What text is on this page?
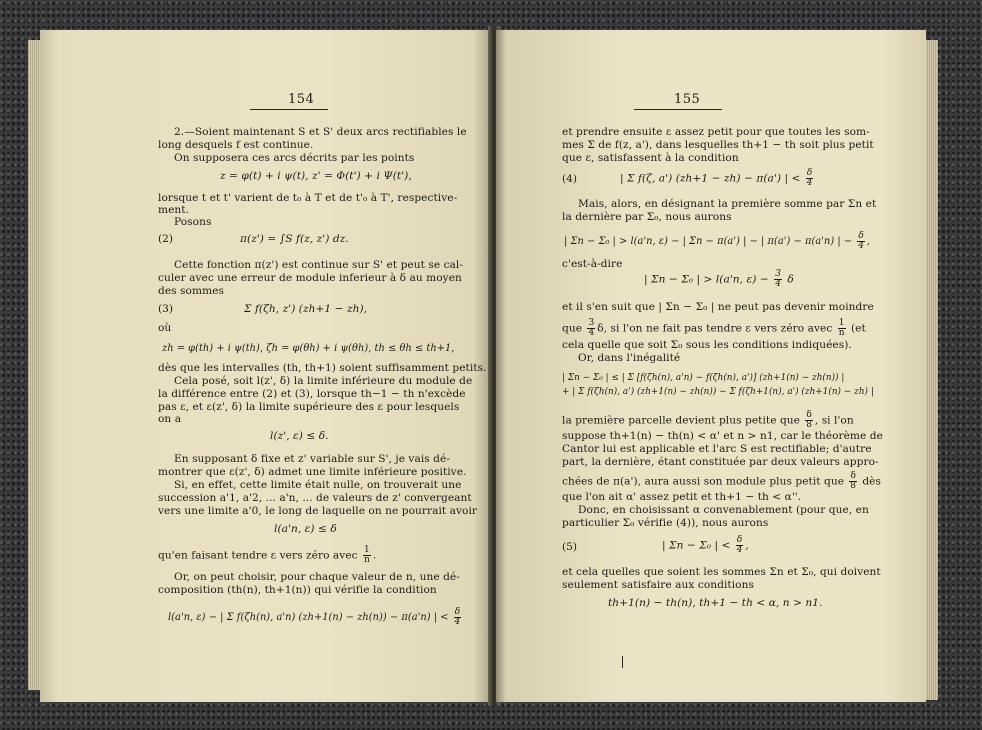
154
2.—Soient maintenant S et S' deux arcs rectifiables le
long desquels f est continue.
On supposera ces arcs décrits par les points
z = φ(t) + i ψ(t), z' = Φ(t') + i Ψ(t'),
lorsque t et t' varient de t₀ à T et de t'₀ à T', respective-
ment.
Posons
(2)	π(z') = ∫S f(z, z') dz.
Cette fonction π(z') est continue sur S' et peut se cal-
culer avec une erreur de module inferieur à δ au moyen
des sommes
(3)	Σ f(ζh, z') (zh+1 − zh),
où
zh = φ(th) + i ψ(th), ζh = φ(θh) + i ψ(θh), th ≤ θh ≤ th+1,
dès que les intervalles (th, th+1) soient suffisamment petits.
Cela posé, soit l(z', δ) la limite inférieure du module de
la différence entre (2) et (3), lorsque th−1 − th n'excède
pas ε, et ε(z', δ) la limite supérieure des ε pour lesquels
on a
l(z', ε) ≤ δ.
En supposant δ fixe et z' variable sur S', je vais dé-
montrer que ε(z', δ) admet une limite inférieure positive.
Si, en effet, cette limite était nulle, on trouverait une
succession a'1, a'2, ... a'n, ... de valeurs de z' convergeant
vers une limite a'0, le long de laquelle on ne pourrait avoir
l(a'n, ε) ≤ δ
qu'en faisant tendre ε vers zéro avec $\frac{1}{n}$ .
Or, on peut choisir, pour chaque valeur de n, une dé-
composition (th(n), th+1(n)) qui vérifie la condition
l(a'n, ε) − | Σ f(ζh(n), a'n) (zh+1(n) − zh(n)) − π(a'n) | < $\frac{\delta}{4}$
155
et prendre ensuite ε assez petit pour que toutes les som-
mes Σ de f(z, a'), dans lesquelles th+1 − th soit plus petit
que ε, satisfassent à la condition
(4)	| Σ f(ζ, a') (zh+1 − zh) − π(a') | < $\frac{\delta}{4}$
Mais, alors, en désignant la première somme par Σn et
la dernière par Σ₀, nous aurons
| Σn − Σ₀ | > l(a'n, ε) − | Σn − π(a') | − | π(a') − π(a'n) | − $\frac{\delta}{4}$ ,
c'est-à-dire
| Σn − Σ₀ | > l(a'n, $\varepsilon) - \frac{3}{4}$ δ
et il s'en suit que | Σn − Σ₀ | ne peut pas devenir moindre
que $\frac{3}{4} \delta$, si l'on ne fait pas tendre ε vers zéro avec $\frac{1}{n} (et$
cela quelle que soit Σ₀ sous les conditions indiquées).
Or, dans l'inégalité
| Σn − Σ₀ | ≤ | Σ [f(ζh(n), a'n) − f(ζh(n), a')] (zh+1(n) − zh(n)) |
+ | Σ f(ζh(n), a') (zh+1(n) − zh(n)) − Σ f(ζh+1(n), a') (zh+1(n) − zh) |
la première parcelle devient plus petite que $\frac{\delta}{8}$ , si l'on
suppose th+1(n) − th(n) < α' et n > n1, car le théorème de
Cantor lui est applicable et l'arc S est rectifiable; d'autre
part, la dernière, étant constituée par deux valeurs appro-
chées de π(a'), aura aussi son module plus petit que $\frac{\delta}{8}$ dès
que l'on ait α' assez petit et th+1 − th < α''.
Donc, en choisissant α convenablement (pour que, en
particulier Σ₀ vérifie (4)), nous aurons
(5)	| Σn − Σ₀ | < $\frac{\delta}{4}$ ,
et cela quelles que soient les sommes Σn et Σ₀, qui doivent
seulement satisfaire aux conditions
th+1(n) − th(n), th+1 − th < α, n > n1.
